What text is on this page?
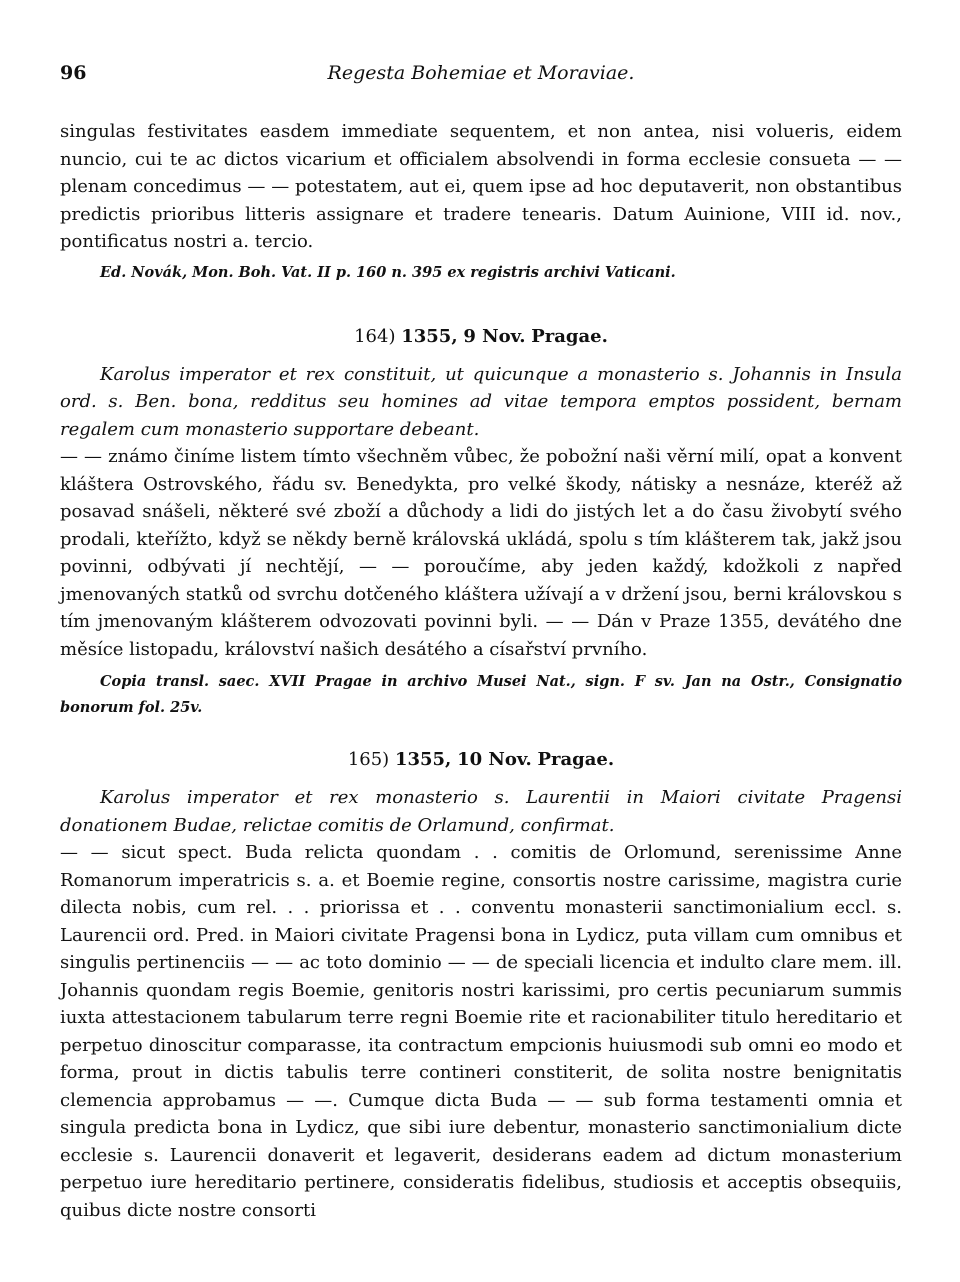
96	Regesta Bohemiae et Moraviae.

singulas festivitates easdem immediate sequentem, et non antea, nisi volueris, eidem nuncio, cui te ac dictos vicarium et officialem absolvendi in forma ecclesie consueta — — plenam concedimus — — potestatem, aut ei, quem ipse ad hoc deputaverit, non obstantibus predictis prioribus litteris assignare et tradere tenearis. Datum Auinione, VIII id. nov., pontificatus nostri a. tercio.

Ed. Novák, Mon. Boh. Vat. II p. 160 n. 395 ex registris archivi Vaticani.

164) 1355, 9 Nov. Pragae.

Karolus imperator et rex constituit, ut quicunque a monasterio s. Johannis in Insula ord. s. Ben. bona, redditus seu homines ad vitae tempora emptos possident, bernam regalem cum monasterio supportare debeant.

— — známo činíme listem tímto všechněm vůbec, že pobožní naši věrní milí, opat a konvent kláštera Ostrovského, řádu sv. Benedykta, pro velké škody, nátisky a nesnáze, kteréž až posavad snášeli, některé své zboží a důchody a lidi do jistých let a do času živobytí svého prodali, kteřížto, když se někdy berně královská ukládá, spolu s tím klášterem tak, jakž jsou povinni, odbývati jí nechtějí, — — poroučíme, aby jeden každý, kdožkoli z napřed jmenovaných statků od svrchu dotčeného kláštera užívají a v držení jsou, berni královskou s tím jmenovaným klášterem odvozovati povinni byli. — — Dán v Praze 1355, devátého dne měsíce listopadu, království našich desátého a císařství prvního.

Copia transl. saec. XVII Pragae in archivo Musei Nat., sign. F sv. Jan na Ostr., Consignatio bonorum fol. 25v.

165) 1355, 10 Nov. Pragae.

Karolus imperator et rex monasterio s. Laurentii in Maiori civitate Pragensi donationem Budae, relictae comitis de Orlamund, confirmat.

— — sicut spect. Buda relicta quondam . . comitis de Orlomund, serenissime Anne Romanorum imperatricis s. a. et Boemie regine, consortis nostre carissime, magistra curie dilecta nobis, cum rel. . . priorissa et . . conventu monasterii sanctimonialium eccl. s. Laurencii ord. Pred. in Maiori civitate Pragensi bona in Lydicz, puta villam cum omnibus et singulis pertinenciis — — ac toto dominio — — de speciali licencia et indulto clare mem. ill. Johannis quondam regis Boemie, genitoris nostri karissimi, pro certis pecuniarum summis iuxta attestacionem tabularum terre regni Boemie rite et racionabiliter titulo hereditario et perpetuo dinoscitur comparasse, ita contractum empcionis huiusmodi sub omni eo modo et forma, prout in dictis tabulis terre contineri constiterit, de solita nostre benignitatis clemencia approbamus — —. Cumque dicta Buda — — sub forma testamenti omnia et singula predicta bona in Lydicz, que sibi iure debentur, monasterio sanctimonialium dicte ecclesie s. Laurencii donaverit et legaverit, desiderans eadem ad dictum monasterium perpetuo iure hereditario pertinere, consideratis fidelibus, studiosis et acceptis obsequiis, quibus dicte nostre consorti
